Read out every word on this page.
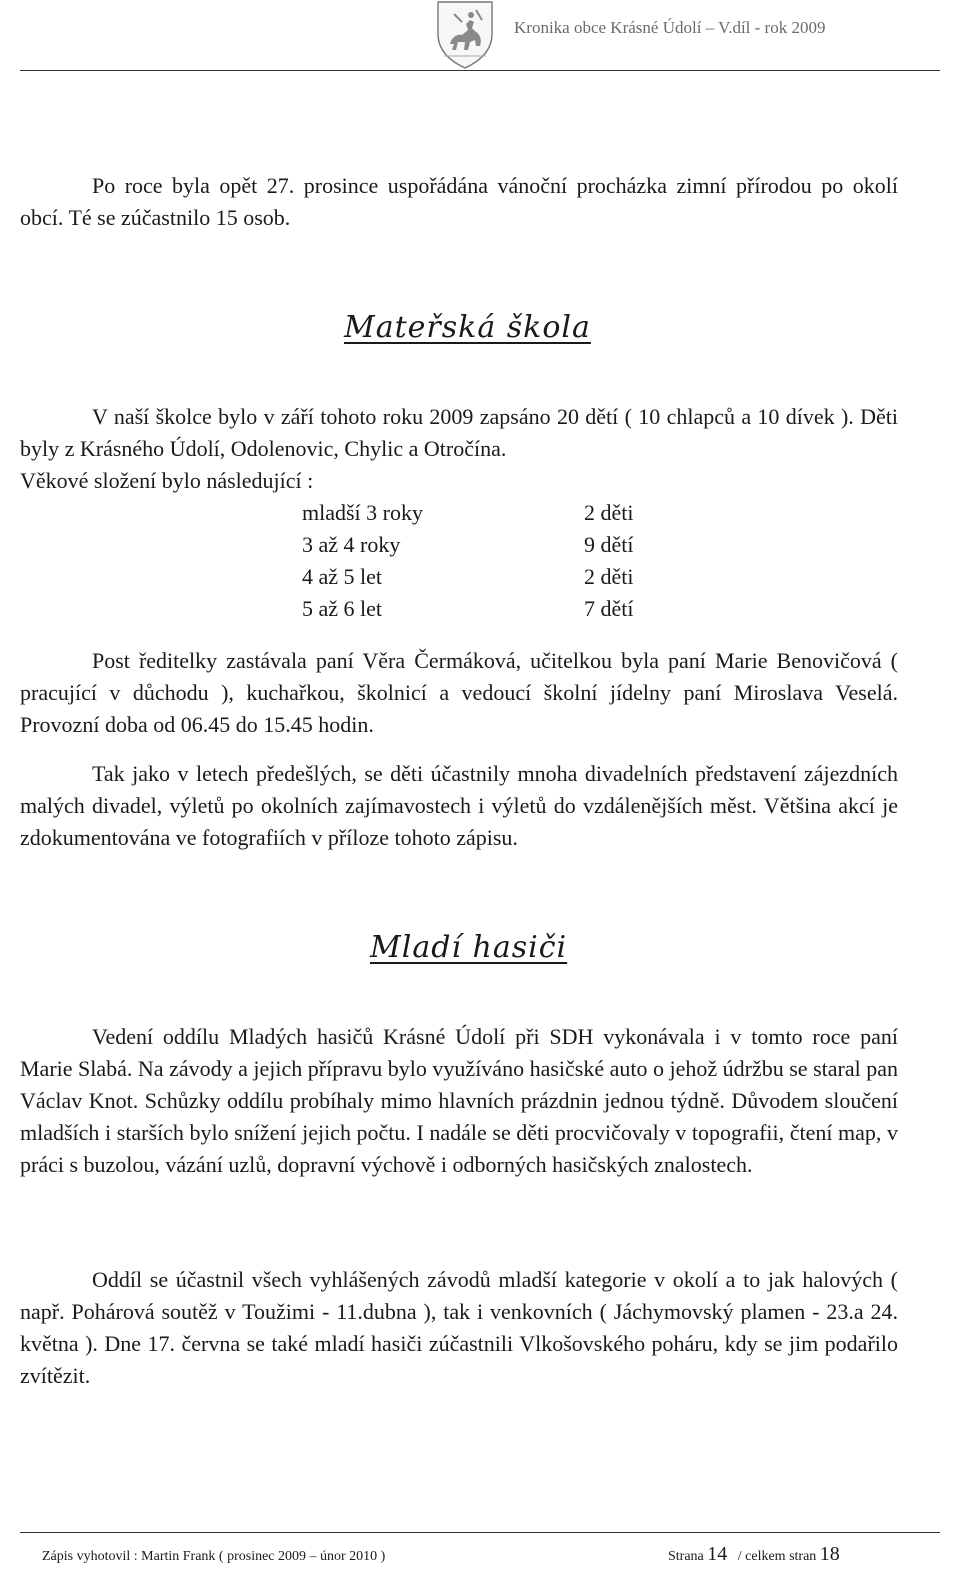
Kronika obce Krásné Údolí – V.díl - rok 2009

Po roce byla opět 27. prosince uspořádána vánoční procházka zimní přírodou po okolí obcí. Té se zúčastnilo 15 osob.

Mateřská škola

V naší školce bylo v září tohoto roku 2009 zapsáno 20 dětí ( 10 chlapců a 10 dívek ). Děti byly z Krásného Údolí, Odolenovic, Chylic a Otročína.

Věkové složení bylo následující :

mladší 3 roky	2 děti
3 až 4 roky	9 dětí
4 až 5 let	2 děti
5 až 6 let	7 dětí

Post ředitelky zastávala paní Věra Čermáková, učitelkou byla paní Marie Benovičová ( pracující v důchodu ), kuchařkou, školnicí a vedoucí školní jídelny paní Miroslava Veselá. Provozní doba od 06.45 do 15.45 hodin.

Tak jako v letech předešlých, se děti účastnily mnoha divadelních představení zájezdních malých divadel, výletů po okolních zajímavostech i výletů do vzdálenějších měst. Většina akcí je zdokumentována ve fotografiích v příloze tohoto zápisu.

Mladí hasiči

Vedení oddílu Mladých hasičů Krásné Údolí při SDH vykonávala i v tomto roce paní Marie Slabá. Na závody a jejich přípravu bylo využíváno hasičské auto o jehož údržbu se staral pan Václav Knot. Schůzky oddílu probíhaly mimo hlavních prázdnin jednou týdně. Důvodem sloučení mladších i starších bylo snížení jejich počtu. I nadále se děti procvičovaly v topografii, čtení map, v práci s buzolou, vázání uzlů, dopravní výchově i odborných hasičských znalostech.

Oddíl se účastnil všech vyhlášených závodů mladší kategorie v okolí a to jak halových ( např. Pohárová soutěž v Toužimi - 11.dubna ), tak i venkovních ( Jáchymovský plamen - 23.a 24. května ). Dne 17. června se také mladí hasiči zúčastnili Vlkošovského poháru, kdy se jim podařilo zvítězit.

Zápis vyhotovil : Martin Frank ( prosinec 2009 – únor 2010 )	Strana 14 / celkem stran 18
